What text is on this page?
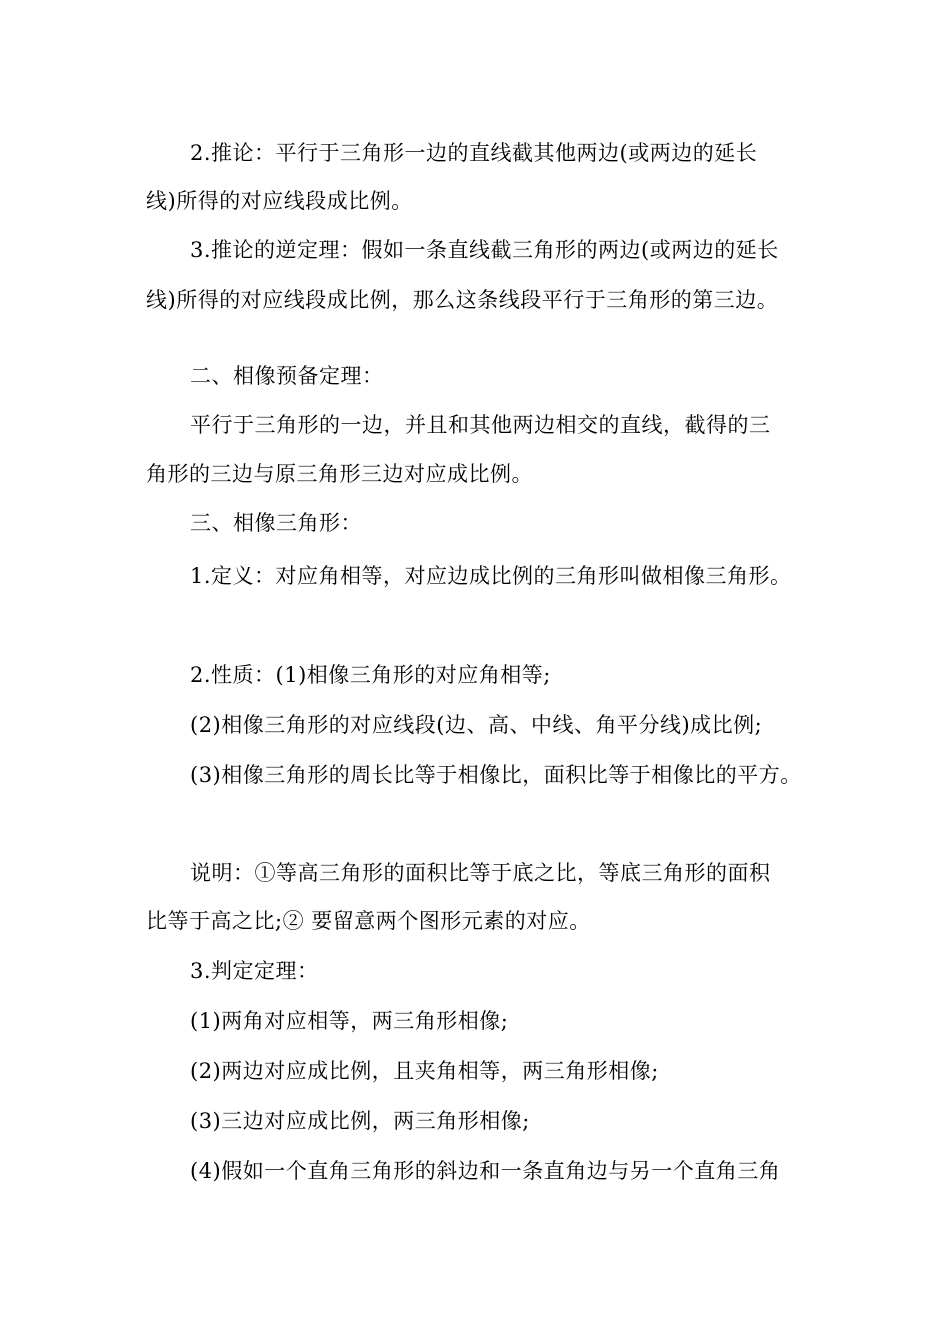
2.推论：平行于三角形一边的直线截其他两边(或两边的延长
线)所得的对应线段成比例。
3.推论的逆定理：假如一条直线截三角形的两边(或两边的延长
线)所得的对应线段成比例，那么这条线段平行于三角形的第三边。
二、相像预备定理：
平行于三角形的一边，并且和其他两边相交的直线，截得的三
角形的三边与原三角形三边对应成比例。
三、相像三角形：
1.定义：对应角相等，对应边成比例的三角形叫做相像三角形。
2.性质：(1)相像三角形的对应角相等;
(2)相像三角形的对应线段(边、高、中线、角平分线)成比例;
(3)相像三角形的周长比等于相像比，面积比等于相像比的平方。
说明：①等高三角形的面积比等于底之比，等底三角形的面积
比等于高之比;② 要留意两个图形元素的对应。
3.判定定理：
(1)两角对应相等，两三角形相像;
(2)两边对应成比例，且夹角相等，两三角形相像;
(3)三边对应成比例，两三角形相像;
(4)假如一个直角三角形的斜边和一条直角边与另一个直角三角
